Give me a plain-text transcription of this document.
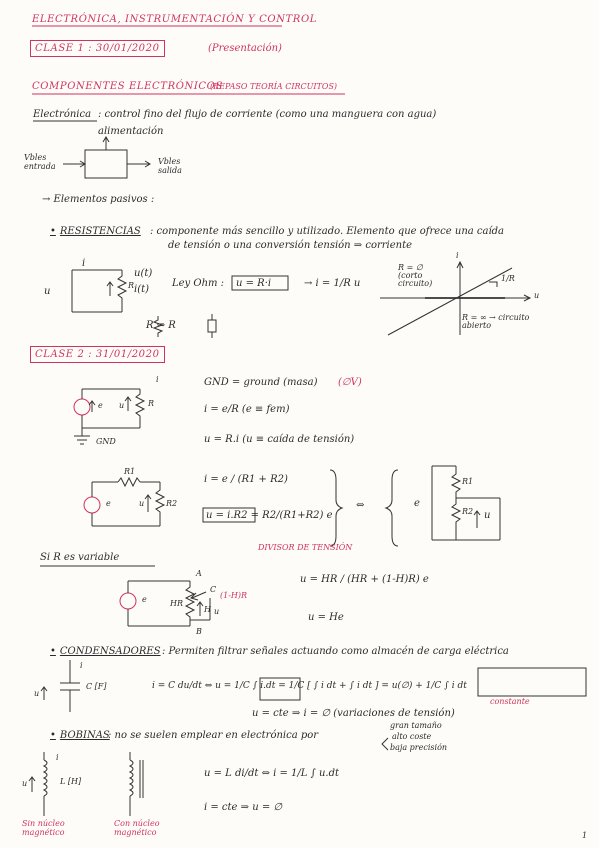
ELECTRÓNICA, INSTRUMENTACIÓN Y CONTROL
CLASE 1 : 30/01/2020	(Presentación)
COMPONENTES ELECTRÓNICOS
(REPASO TEORÍA CIRCUITOS)
Electrónica : control fino del flujo de corriente (como una manguera con agua)
alimentación
Vbles
entrada
Vbles
salida
→ Elementos pasivos :
• RESISTENCIAS : componente más sencillo y utilizado. Elemento que ofrece una caída
de tensión o una conversión tensión ⇒ corriente
u
i
R
u(t)
i(t)
Ley Ohm : u = R·i	→ i = 1/R u
R ⇔ R
R = ∅
(corto
circuito)
1/R
u
i
R = ∞ → circuito
abierto
CLASE 2 : 31/01/2020
GND = ground (masa) (∅V)
i = e/R (e ≡ fem)
u = R.i (u ≡ caída de tensión)
GND
e u	R
i
i = e / (R1 + R2)
u = i.R2 = R2/(R1+R2) e
DIVISOR DE TENSIÓN
R1
R2
e	u	⇔	e
R1
R2 u
Si R es variable
A
B
C
HR
(1-H)R
H
e
u
u = HR / (HR + (1-H)R) e
u = He
• CONDENSADORES : Permiten filtrar señales actuando como almacén de carga eléctrica
C [F]
u
i
i = C du/dt ⇔ u = 1/C ∫ i.dt = 1/C [ ∫ i dt + ∫ i dt ] = u(∅) + 1/C ∫ i dt
constante
u = cte ⇒ i = ∅ (variaciones de tensión)
• BOBINAS
: no se suelen emplear en electrónica por
gran tamaño
alto coste
baja precisión
L [H]
u
i
u = L di/dt ⇔ i = 1/L ∫ u.dt
i = cte ⇒ u = ∅
Sin núcleo
magnético
Con núcleo
magnético	1
